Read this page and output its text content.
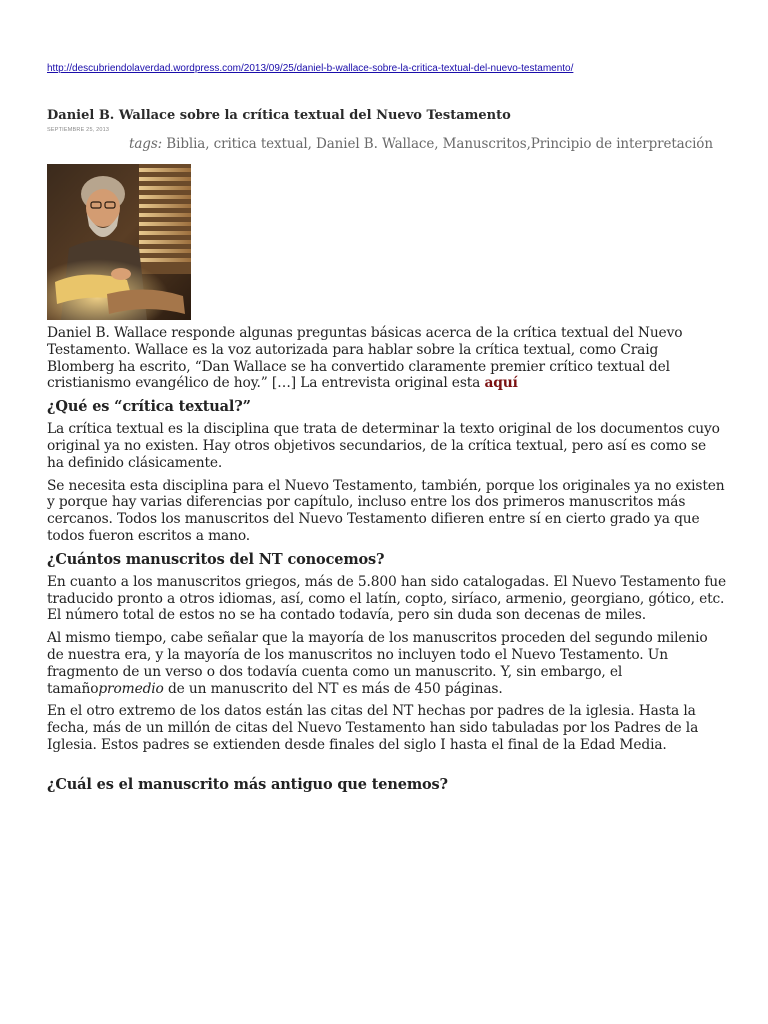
http://descubriendolaverdad.wordpress.com/2013/09/25/daniel-b-wallace-sobre-la-critica-textual-del-nuevo-testamento/
Daniel B. Wallace sobre la crítica textual del Nuevo Testamento
SEPTIEMBRE 25, 2013
tags: Biblia, critica textual, Daniel B. Wallace, Manuscritos,Principio de interpretación

Daniel B. Wallace responde algunas preguntas básicas acerca de la crítica textual del Nuevo Testamento. Wallace es la voz autorizada para hablar sobre la crítica textual, como Craig Blomberg ha escrito, “Dan Wallace se ha convertido claramente premier crítico textual del cristianismo evangélico de hoy.” […] La entrevista original esta aquí

¿Qué es “crítica textual?”

La crítica textual es la disciplina que trata de determinar la texto original de los documentos cuyo original ya no existen. Hay otros objetivos secundarios, de la crítica textual, pero así es como se ha definido clásicamente.

Se necesita esta disciplina para el Nuevo Testamento, también, porque los originales ya no existen y porque hay varias diferencias por capítulo, incluso entre los dos primeros manuscritos más cercanos. Todos los manuscritos del Nuevo Testamento difieren entre sí en cierto grado ya que todos fueron escritos a mano.

¿Cuántos manuscritos del NT conocemos?

En cuanto a los manuscritos griegos, más de 5.800 han sido catalogadas. El Nuevo Testamento fue traducido pronto a otros idiomas, así, como el latín, copto, siríaco, armenio, georgiano, gótico, etc. El número total de estos no se ha contado todavía, pero sin duda son decenas de miles.

Al mismo tiempo, cabe señalar que la mayoría de los manuscritos proceden del segundo milenio de nuestra era, y la mayoría de los manuscritos no incluyen todo el Nuevo Testamento. Un fragmento de un verso o dos todavía cuenta como un manuscrito. Y, sin embargo, el tamañopromedio de un manuscrito del NT es más de 450 páginas.

En el otro extremo de los datos están las citas del NT hechas por padres de la iglesia. Hasta la fecha, más de un millón de citas del Nuevo Testamento han sido tabuladas por los Padres de la Iglesia. Estos padres se extienden desde finales del siglo I hasta el final de la Edad Media.

¿Cuál es el manuscrito más antiguo que tenemos?
